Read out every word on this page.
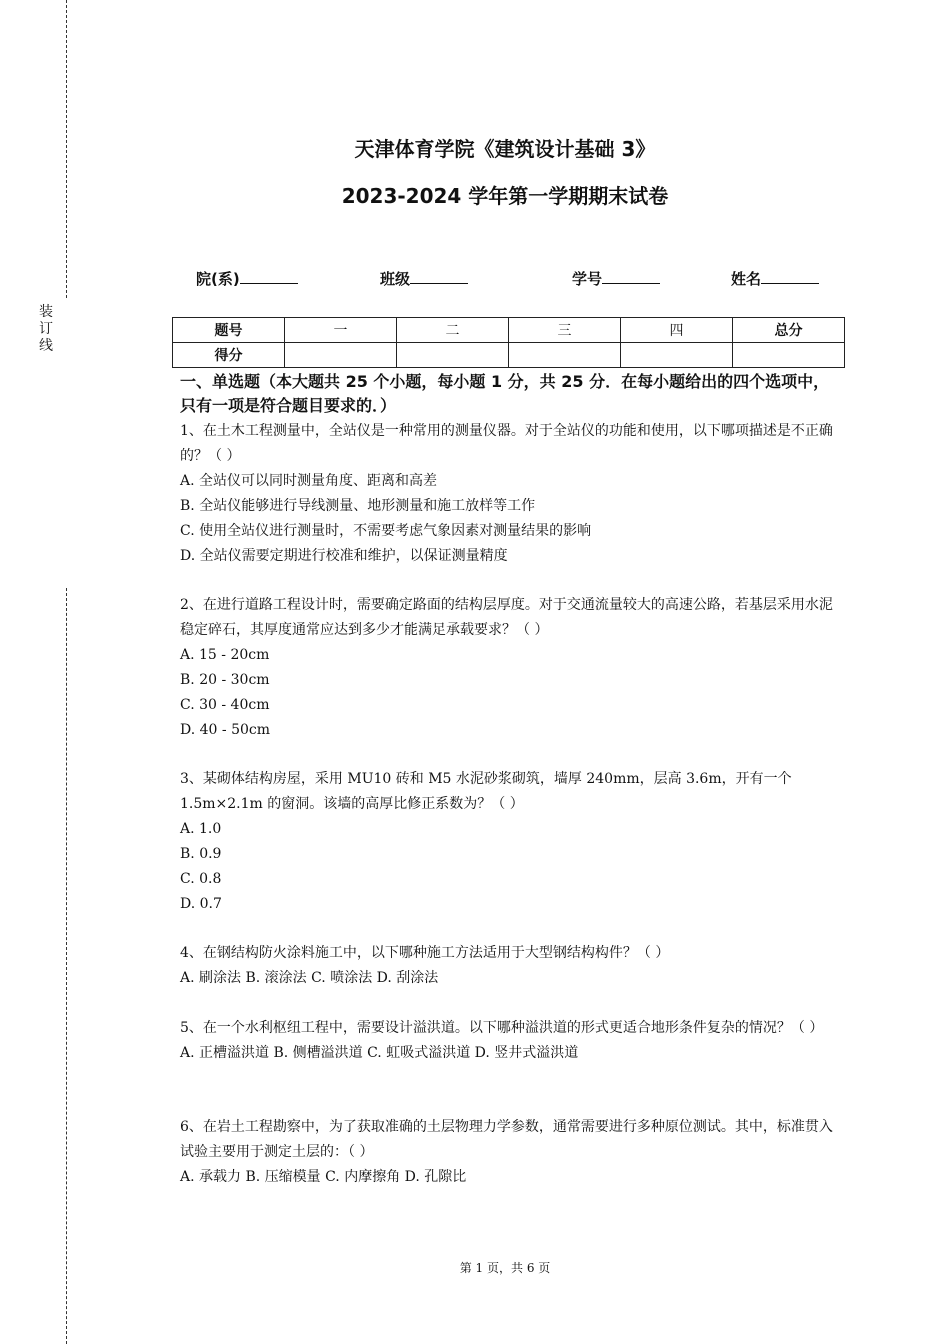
装订线
天津体育学院《建筑设计基础 3》
2023-2024 学年第一学期期末试卷
院(系)	班级	学号	姓名
题号	一	二	三	四	总分
得分					
一、单选题（本大题共 25 个小题，每小题 1 分，共 25 分．在每小题给出的四个选项中，只有一项是符合题目要求的．）

1、在土木工程测量中，全站仪是一种常用的测量仪器。对于全站仪的功能和使用，以下哪项描述是不正确的？（ ）

A. 全站仪可以同时测量角度、距离和高差

B. 全站仪能够进行导线测量、地形测量和施工放样等工作

C. 使用全站仪进行测量时，不需要考虑气象因素对测量结果的影响

D. 全站仪需要定期进行校准和维护，以保证测量精度

2、在进行道路工程设计时，需要确定路面的结构层厚度。对于交通流量较大的高速公路，若基层采用水泥稳定碎石，其厚度通常应达到多少才能满足承载要求？（ ）

A. 15 - 20cm

B. 20 - 30cm

C. 30 - 40cm

D. 40 - 50cm

3、某砌体结构房屋，采用 MU10 砖和 M5 水泥砂浆砌筑，墙厚 240mm，层高 3.6m，开有一个 1.5m×2.1m 的窗洞。该墙的高厚比修正系数为？（ ）

A. 1.0

B. 0.9

C. 0.8

D. 0.7

4、在钢结构防火涂料施工中，以下哪种施工方法适用于大型钢结构构件？（ ）

A. 刷涂法 B. 滚涂法 C. 喷涂法 D. 刮涂法

5、在一个水利枢纽工程中，需要设计溢洪道。以下哪种溢洪道的形式更适合地形条件复杂的情况？（ ）

A. 正槽溢洪道 B. 侧槽溢洪道 C. 虹吸式溢洪道 D. 竖井式溢洪道

6、在岩土工程勘察中，为了获取准确的土层物理力学参数，通常需要进行多种原位测试。其中，标准贯入试验主要用于测定土层的：（ ）

A. 承载力 B. 压缩模量 C. 内摩擦角 D. 孔隙比

第 1 页，共 6 页
